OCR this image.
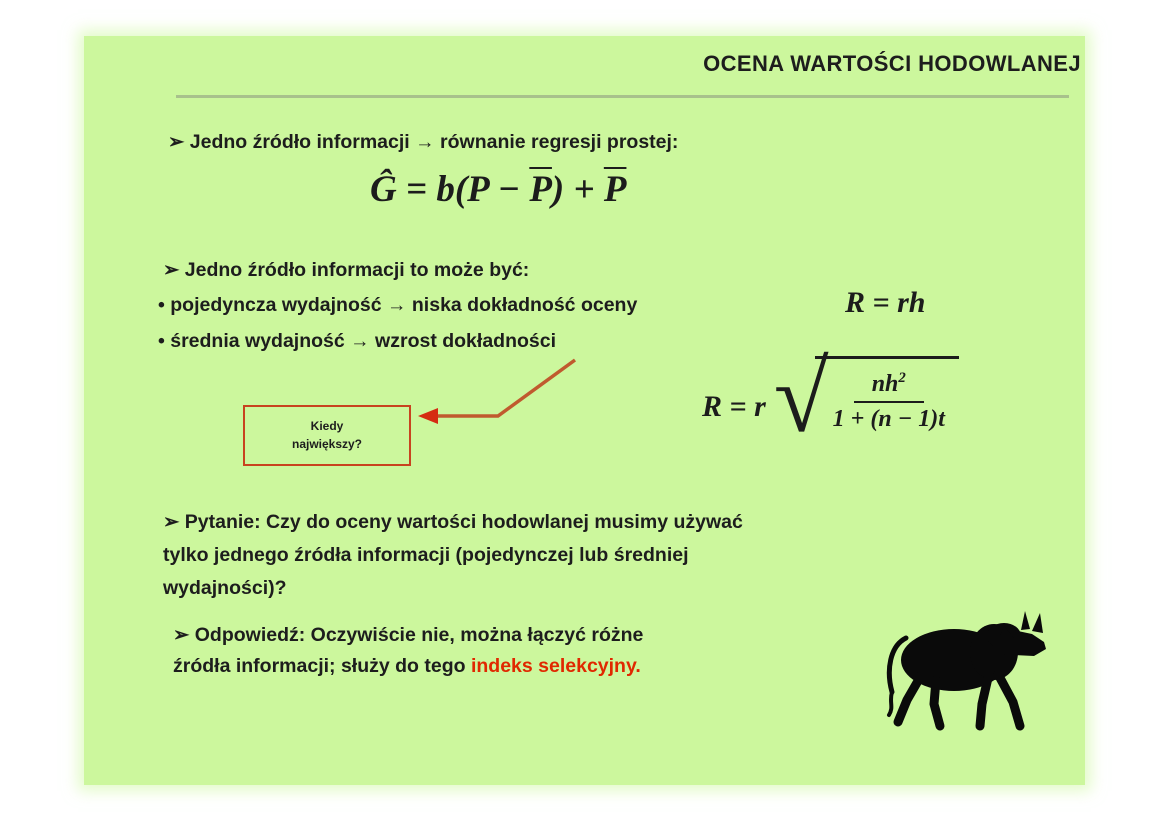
OCENA WARTOŚCI HODOWLANEJ
➢ Jedno źródło informacji → równanie regresji prostej:
Ĝ = $b(P - \overline{P}) + \overline{P}$
➢ Jedno źródło informacji to może być:
• pojedyncza wydajność → niska dokładność oceny
• średnia wydajność → wzrost dokładności
R = rh
R = r √ $\frac{nh^2}{1 + (n - 1)t}$
Kiedy
największy?
➢ Pytanie: Czy do oceny wartości hodowlanej musimy używać
tylko jednego źródła informacji (pojedynczej lub średniej
wydajności)?
➢ Odpowiedź: Oczywiście nie, można łączyć różne
źródła informacji; służy do tego indeks selekcyjny.
